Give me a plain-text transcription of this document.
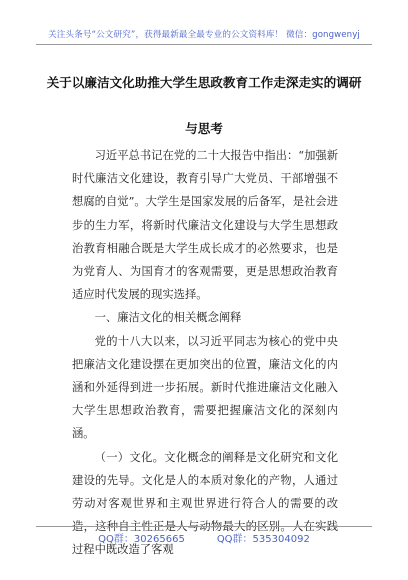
关注头条号“公文研究”，获得最新最全最专业的公文资料库！ 微信：gongwenyj
关于以廉洁文化助推大学生思政教育工作走深走实的调研
与思考

习近平总书记在党的二十大报告中指出：“加强新时代廉洁文化建设，教育引导广大党员、干部增强不想腐的自觉”。大学生是国家发展的后备军，是社会进步的生力军，将新时代廉洁文化建设与大学生思想政治教育相融合既是大学生成长成才的必然要求，也是为党育人、为国育才的客观需要，更是思想政治教育适应时代发展的现实选择。

一、廉洁文化的相关概念阐释

党的十八大以来，以习近平同志为核心的党中央把廉洁文化建设摆在更加突出的位置，廉洁文化的内涵和外延得到进一步拓展。新时代推进廉洁文化融入大学生思想政治教育，需要把握廉洁文化的深刻内涵。

（一）文化。文化概念的阐释是文化研究和文化建设的先导。文化是人的本质对象化的产物，人通过劳动对客观世界和主观世界进行符合人的需要的改造，这种自主性正是人与动物最大的区别。人在实践过程中既改造了客观

QQ群：30265665	QQ群：535304092
